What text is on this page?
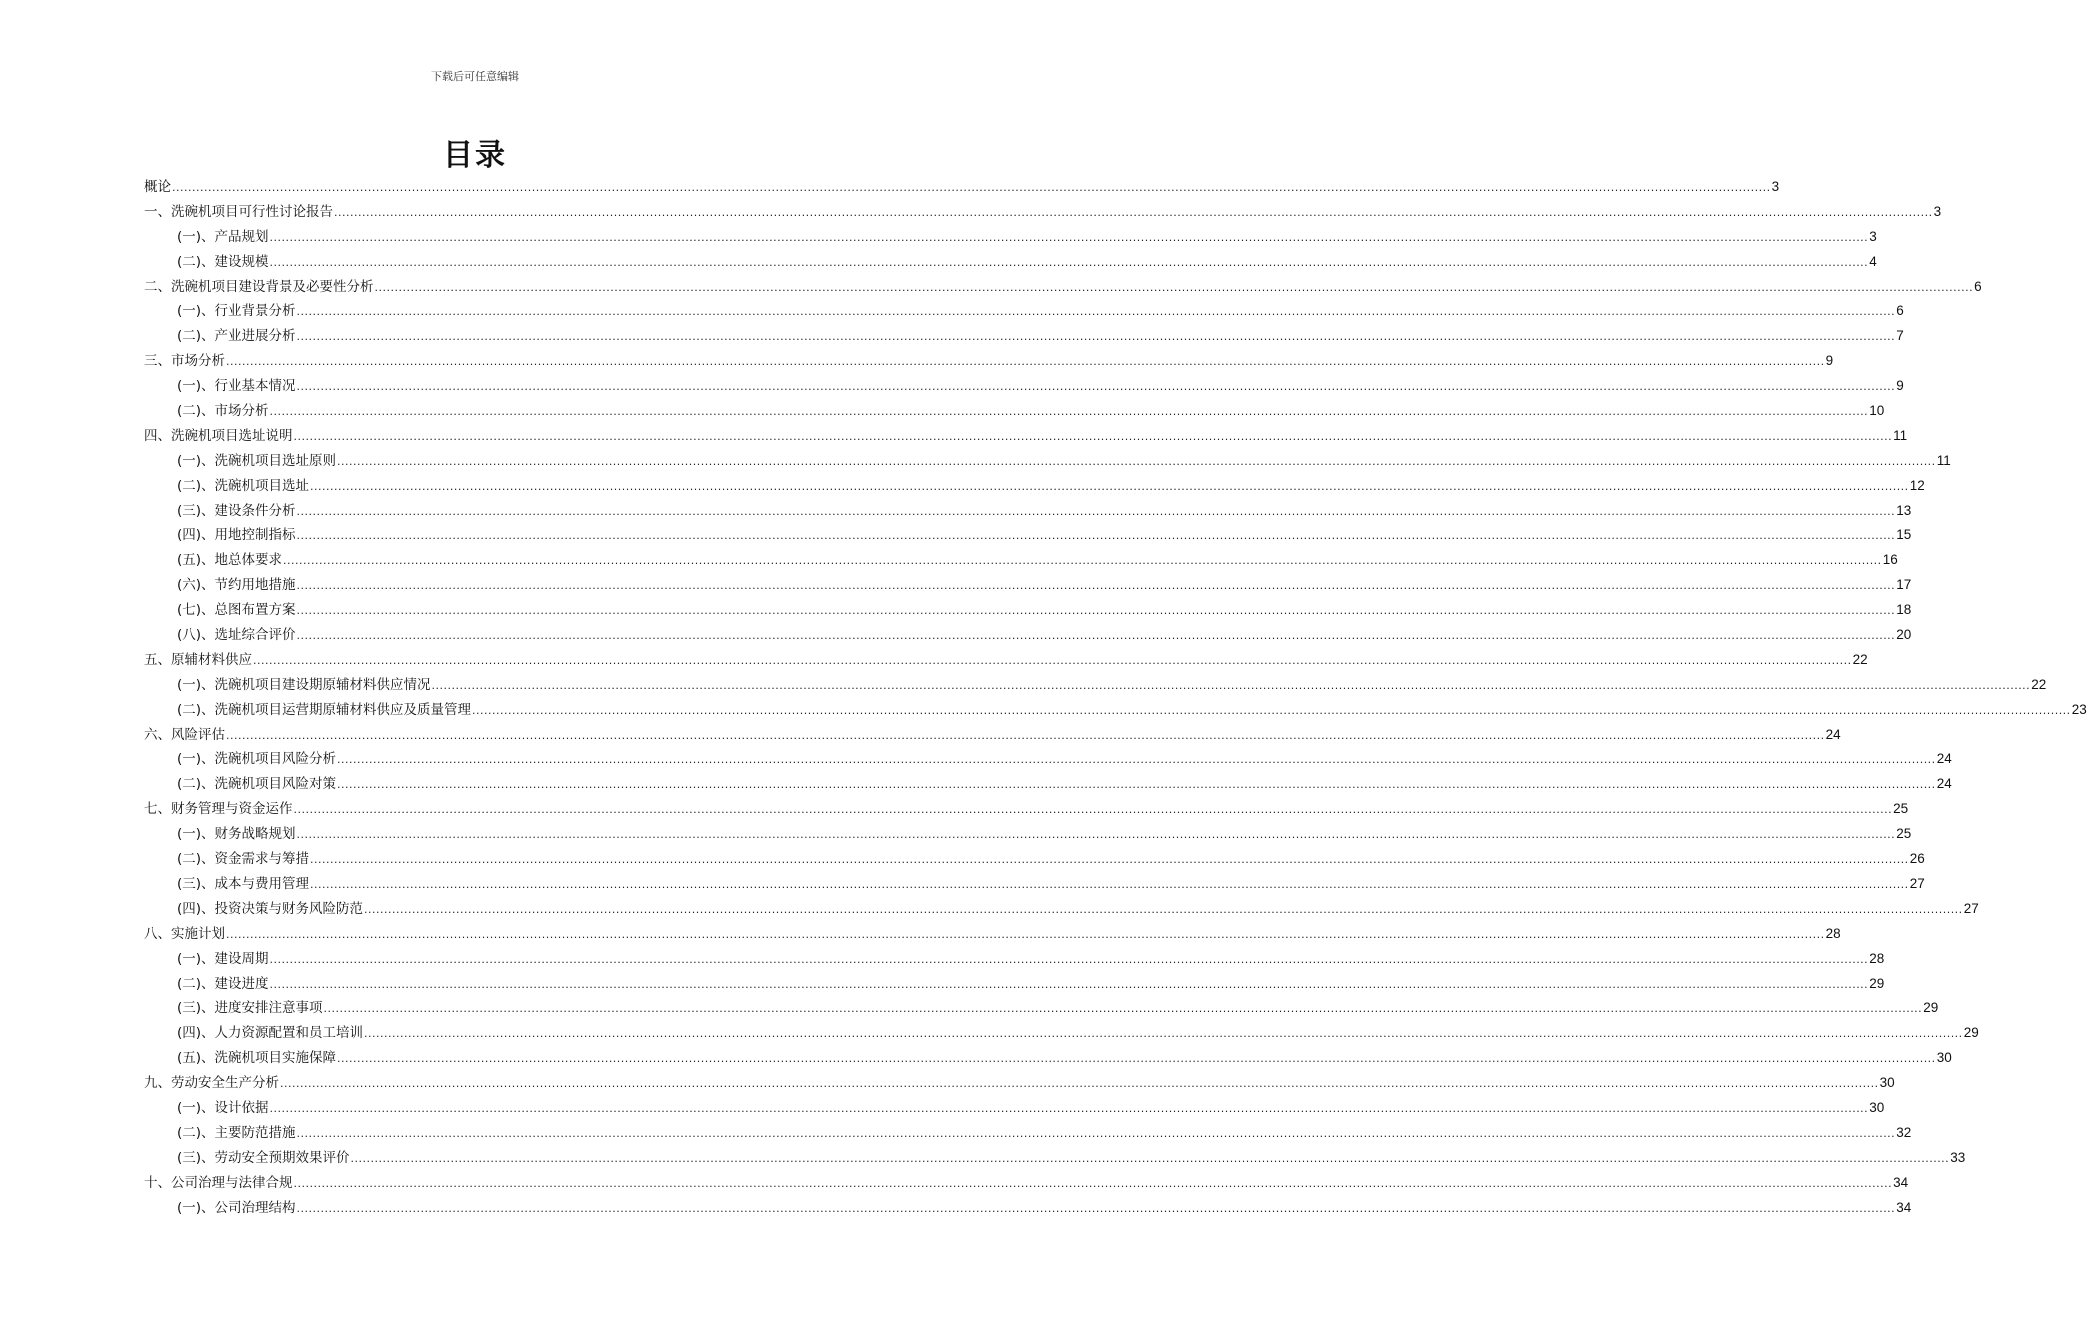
下载后可任意编辑
目录
概论 ................................................................................................................................................................................................................................................................................................................................................................................................................ 3
一、洗碗机项目可行性讨论报告 ................................................................................................................................................................................................................................................................................................................................................................................................................ 3
(一)、产品规划 ................................................................................................................................................................................................................................................................................................................................................................................................................ 3
(二)、建设规模 ................................................................................................................................................................................................................................................................................................................................................................................................................ 4
二、洗碗机项目建设背景及必要性分析 ................................................................................................................................................................................................................................................................................................................................................................................................................ 6
(一)、行业背景分析 ................................................................................................................................................................................................................................................................................................................................................................................................................ 6
(二)、产业进展分析 ................................................................................................................................................................................................................................................................................................................................................................................................................ 7
三、市场分析 ................................................................................................................................................................................................................................................................................................................................................................................................................ 9
(一)、行业基本情况 ................................................................................................................................................................................................................................................................................................................................................................................................................ 9
(二)、市场分析 ................................................................................................................................................................................................................................................................................................................................................................................................................ 10
四、洗碗机项目选址说明 ................................................................................................................................................................................................................................................................................................................................................................................................................ 11
(一)、洗碗机项目选址原则 ................................................................................................................................................................................................................................................................................................................................................................................................................ 11
(二)、洗碗机项目选址 ................................................................................................................................................................................................................................................................................................................................................................................................................ 12
(三)、建设条件分析 ................................................................................................................................................................................................................................................................................................................................................................................................................ 13
(四)、用地控制指标 ................................................................................................................................................................................................................................................................................................................................................................................................................ 15
(五)、地总体要求 ................................................................................................................................................................................................................................................................................................................................................................................................................ 16
(六)、节约用地措施 ................................................................................................................................................................................................................................................................................................................................................................................................................ 17
(七)、总图布置方案 ................................................................................................................................................................................................................................................................................................................................................................................................................ 18
(八)、选址综合评价 ................................................................................................................................................................................................................................................................................................................................................................................................................ 20
五、原辅材料供应 ................................................................................................................................................................................................................................................................................................................................................................................................................ 22
(一)、洗碗机项目建设期原辅材料供应情况 ................................................................................................................................................................................................................................................................................................................................................................................................................ 22
(二)、洗碗机项目运营期原辅材料供应及质量管理 ................................................................................................................................................................................................................................................................................................................................................................................................................ 23
六、风险评估 ................................................................................................................................................................................................................................................................................................................................................................................................................ 24
(一)、洗碗机项目风险分析 ................................................................................................................................................................................................................................................................................................................................................................................................................ 24
(二)、洗碗机项目风险对策 ................................................................................................................................................................................................................................................................................................................................................................................................................ 24
七、财务管理与资金运作 ................................................................................................................................................................................................................................................................................................................................................................................................................ 25
(一)、财务战略规划 ................................................................................................................................................................................................................................................................................................................................................................................................................ 25
(二)、资金需求与筹措 ................................................................................................................................................................................................................................................................................................................................................................................................................ 26
(三)、成本与费用管理 ................................................................................................................................................................................................................................................................................................................................................................................................................ 27
(四)、投资决策与财务风险防范 ................................................................................................................................................................................................................................................................................................................................................................................................................ 27
八、实施计划 ................................................................................................................................................................................................................................................................................................................................................................................................................ 28
(一)、建设周期 ................................................................................................................................................................................................................................................................................................................................................................................................................ 28
(二)、建设进度 ................................................................................................................................................................................................................................................................................................................................................................................................................ 29
(三)、进度安排注意事项 ................................................................................................................................................................................................................................................................................................................................................................................................................ 29
(四)、人力资源配置和员工培训 ................................................................................................................................................................................................................................................................................................................................................................................................................ 29
(五)、洗碗机项目实施保障 ................................................................................................................................................................................................................................................................................................................................................................................................................ 30
九、劳动安全生产分析 ................................................................................................................................................................................................................................................................................................................................................................................................................ 30
(一)、设计依据 ................................................................................................................................................................................................................................................................................................................................................................................................................ 30
(二)、主要防范措施 ................................................................................................................................................................................................................................................................................................................................................................................................................ 32
(三)、劳动安全预期效果评价 ................................................................................................................................................................................................................................................................................................................................................................................................................ 33
十、公司治理与法律合规 ................................................................................................................................................................................................................................................................................................................................................................................................................ 34
(一)、公司治理结构 ................................................................................................................................................................................................................................................................................................................................................................................................................ 34
